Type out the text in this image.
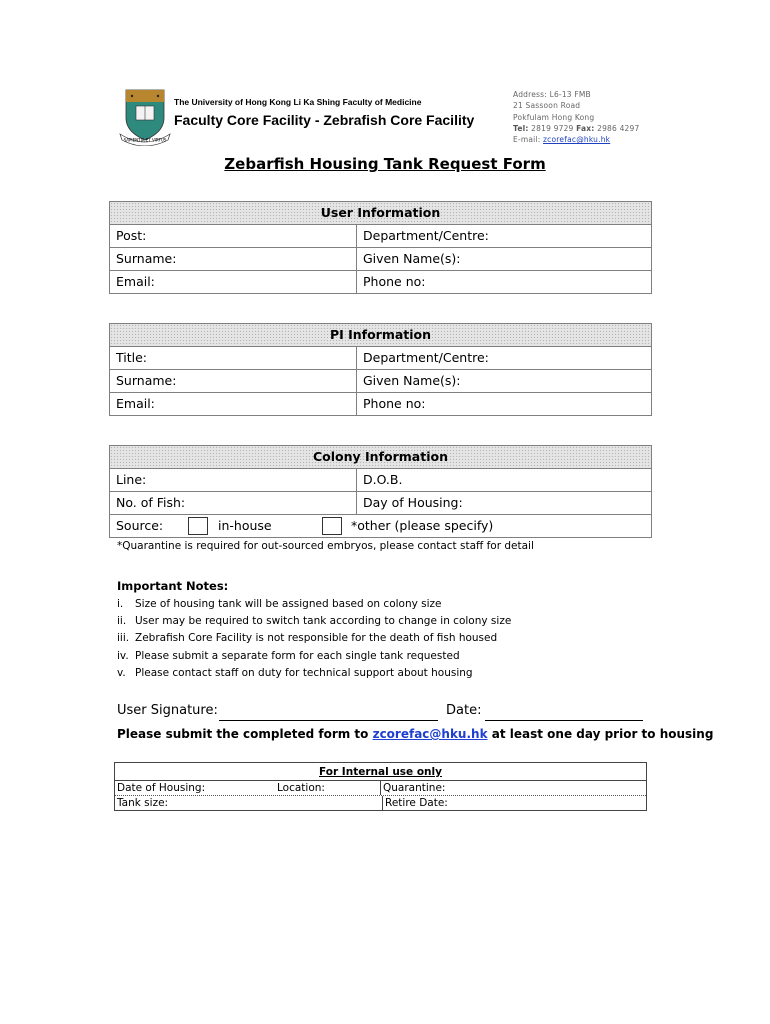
SAPIENTIA ET VIRTUS
The University of Hong Kong Li Ka Shing Faculty of Medicine
Faculty Core Facility - Zebrafish Core Facility
Address: L6-13 FMB
21 Sassoon Road
Pokfulam Hong Kong
Tel: 2819 9729 Fax: 2986 4297
E-mail: zcorefac@hku.hk
Zebarfish Housing Tank Request Form
User Information
Post:	Department/Centre:
Surname:	Given Name(s):
Email:	Phone no:
PI Information
Title:	Department/Centre:
Surname:	Given Name(s):
Email:	Phone no:
Colony Information
Line:	D.O.B.
No. of Fish:	Day of Housing:
Source:	in-house	*other (please specify)
*Quarantine is required for out-sourced embryos, please contact staff for detail
Important Notes:
i. Size of housing tank will be assigned based on colony size
ii. User may be required to switch tank according to change in colony size
iii. Zebrafish Core Facility is not responsible for the death of fish housed
iv. Please submit a separate form for each single tank requested
v. Please contact staff on duty for technical support about housing
User Signature:	Date:
Please submit the completed form to zcorefac@hku.hk at least one day prior to housing
For Internal use only
Date of Housing:	Location:	Quarantine:
Tank size:	Retire Date:
